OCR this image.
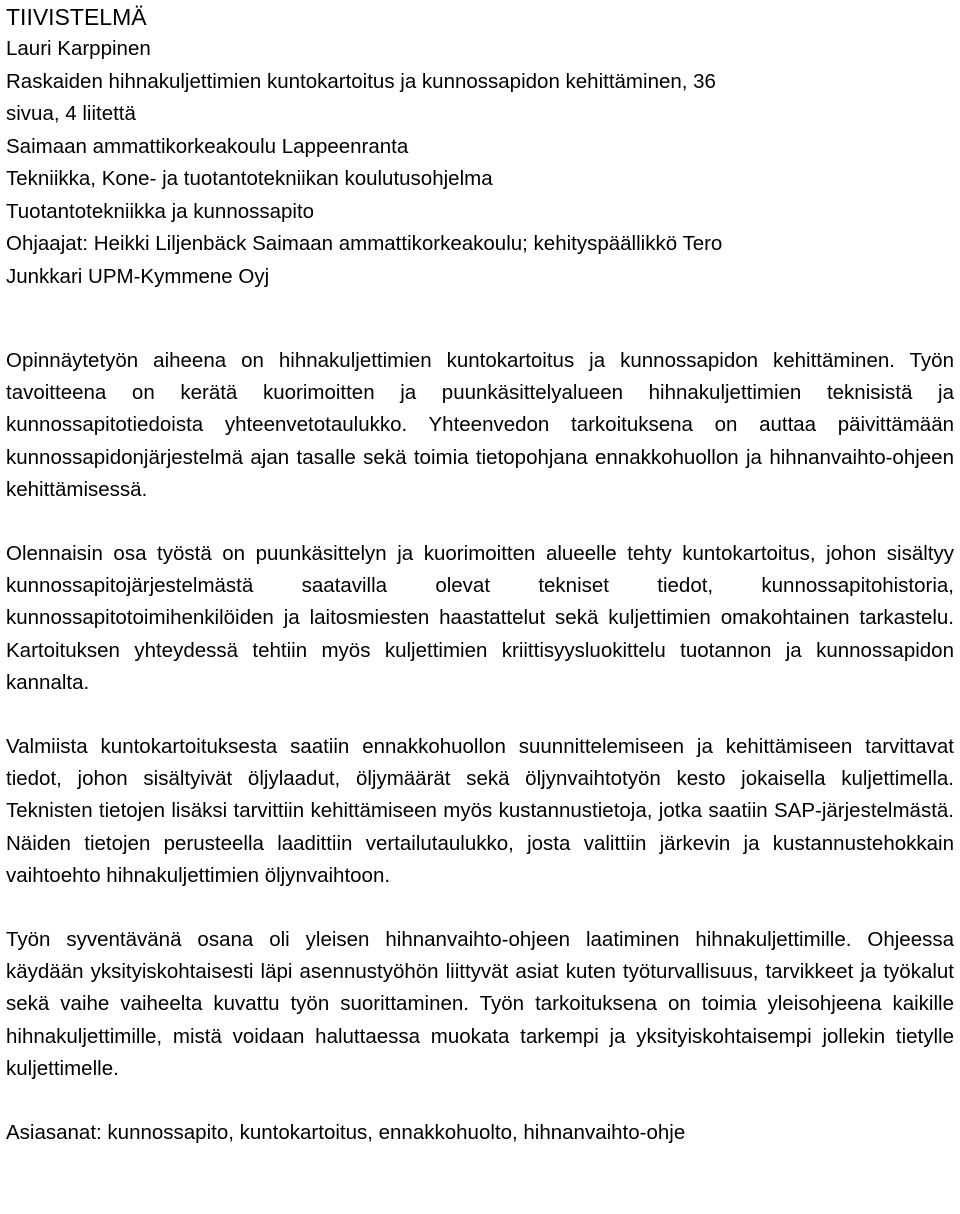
TIIVISTELMÄ

Lauri Karppinen

Raskaiden hihnakuljettimien kuntokartoitus ja kunnossapidon kehittäminen, 36

sivua, 4 liitettä

Saimaan ammattikorkeakoulu Lappeenranta

Tekniikka, Kone- ja tuotantotekniikan koulutusohjelma

Tuotantotekniikka ja kunnossapito

Ohjaajat: Heikki Liljenbäck Saimaan ammattikorkeakoulu; kehityspäällikkö Tero

Junkkari UPM-Kymmene Oyj

Opinnäytetyön aiheena on hihnakuljettimien kuntokartoitus ja kunnossapidon kehittäminen. Työn tavoitteena on kerätä kuorimoitten ja puunkäsittelyalueen hihnakuljettimien teknisistä ja kunnossapitotiedoista yhteenvetotaulukko. Yhteenvedon tarkoituksena on auttaa päivittämään kunnossapidonjärjestelmä ajan tasalle sekä toimia tietopohjana ennakkohuollon ja hihnanvaihto-ohjeen kehittämisessä.

Olennaisin osa työstä on puunkäsittelyn ja kuorimoitten alueelle tehty kuntokartoitus, johon sisältyy kunnossapitojärjestelmästä saatavilla olevat tekniset tiedot, kunnossapitohistoria, kunnossapitotoimihenkilöiden ja laitosmiesten haastattelut sekä kuljettimien omakohtainen tarkastelu. Kartoituksen yhteydessä tehtiin myös kuljettimien kriittisyysluokittelu tuotannon ja kunnossapidon kannalta.

Valmiista kuntokartoituksesta saatiin ennakkohuollon suunnittelemiseen ja kehittämiseen tarvittavat tiedot, johon sisältyivät öljylaadut, öljymäärät sekä öljynvaihtotyön kesto jokaisella kuljettimella. Teknisten tietojen lisäksi tarvittiin kehittämiseen myös kustannustietoja, jotka saatiin SAP-järjestelmästä. Näiden tietojen perusteella laadittiin vertailutaulukko, josta valittiin järkevin ja kustannustehokkain vaihtoehto hihnakuljettimien öljynvaihtoon.

Työn syventävänä osana oli yleisen hihnanvaihto-ohjeen laatiminen hihnakuljettimille. Ohjeessa käydään yksityiskohtaisesti läpi asennustyöhön liittyvät asiat kuten työturvallisuus, tarvikkeet ja työkalut sekä vaihe vaiheelta kuvattu työn suorittaminen. Työn tarkoituksena on toimia yleisohjeena kaikille hihnakuljettimille, mistä voidaan haluttaessa muokata tarkempi ja yksityiskohtaisempi jollekin tietylle kuljettimelle.

Asiasanat: kunnossapito, kuntokartoitus, ennakkohuolto, hihnanvaihto-ohje
